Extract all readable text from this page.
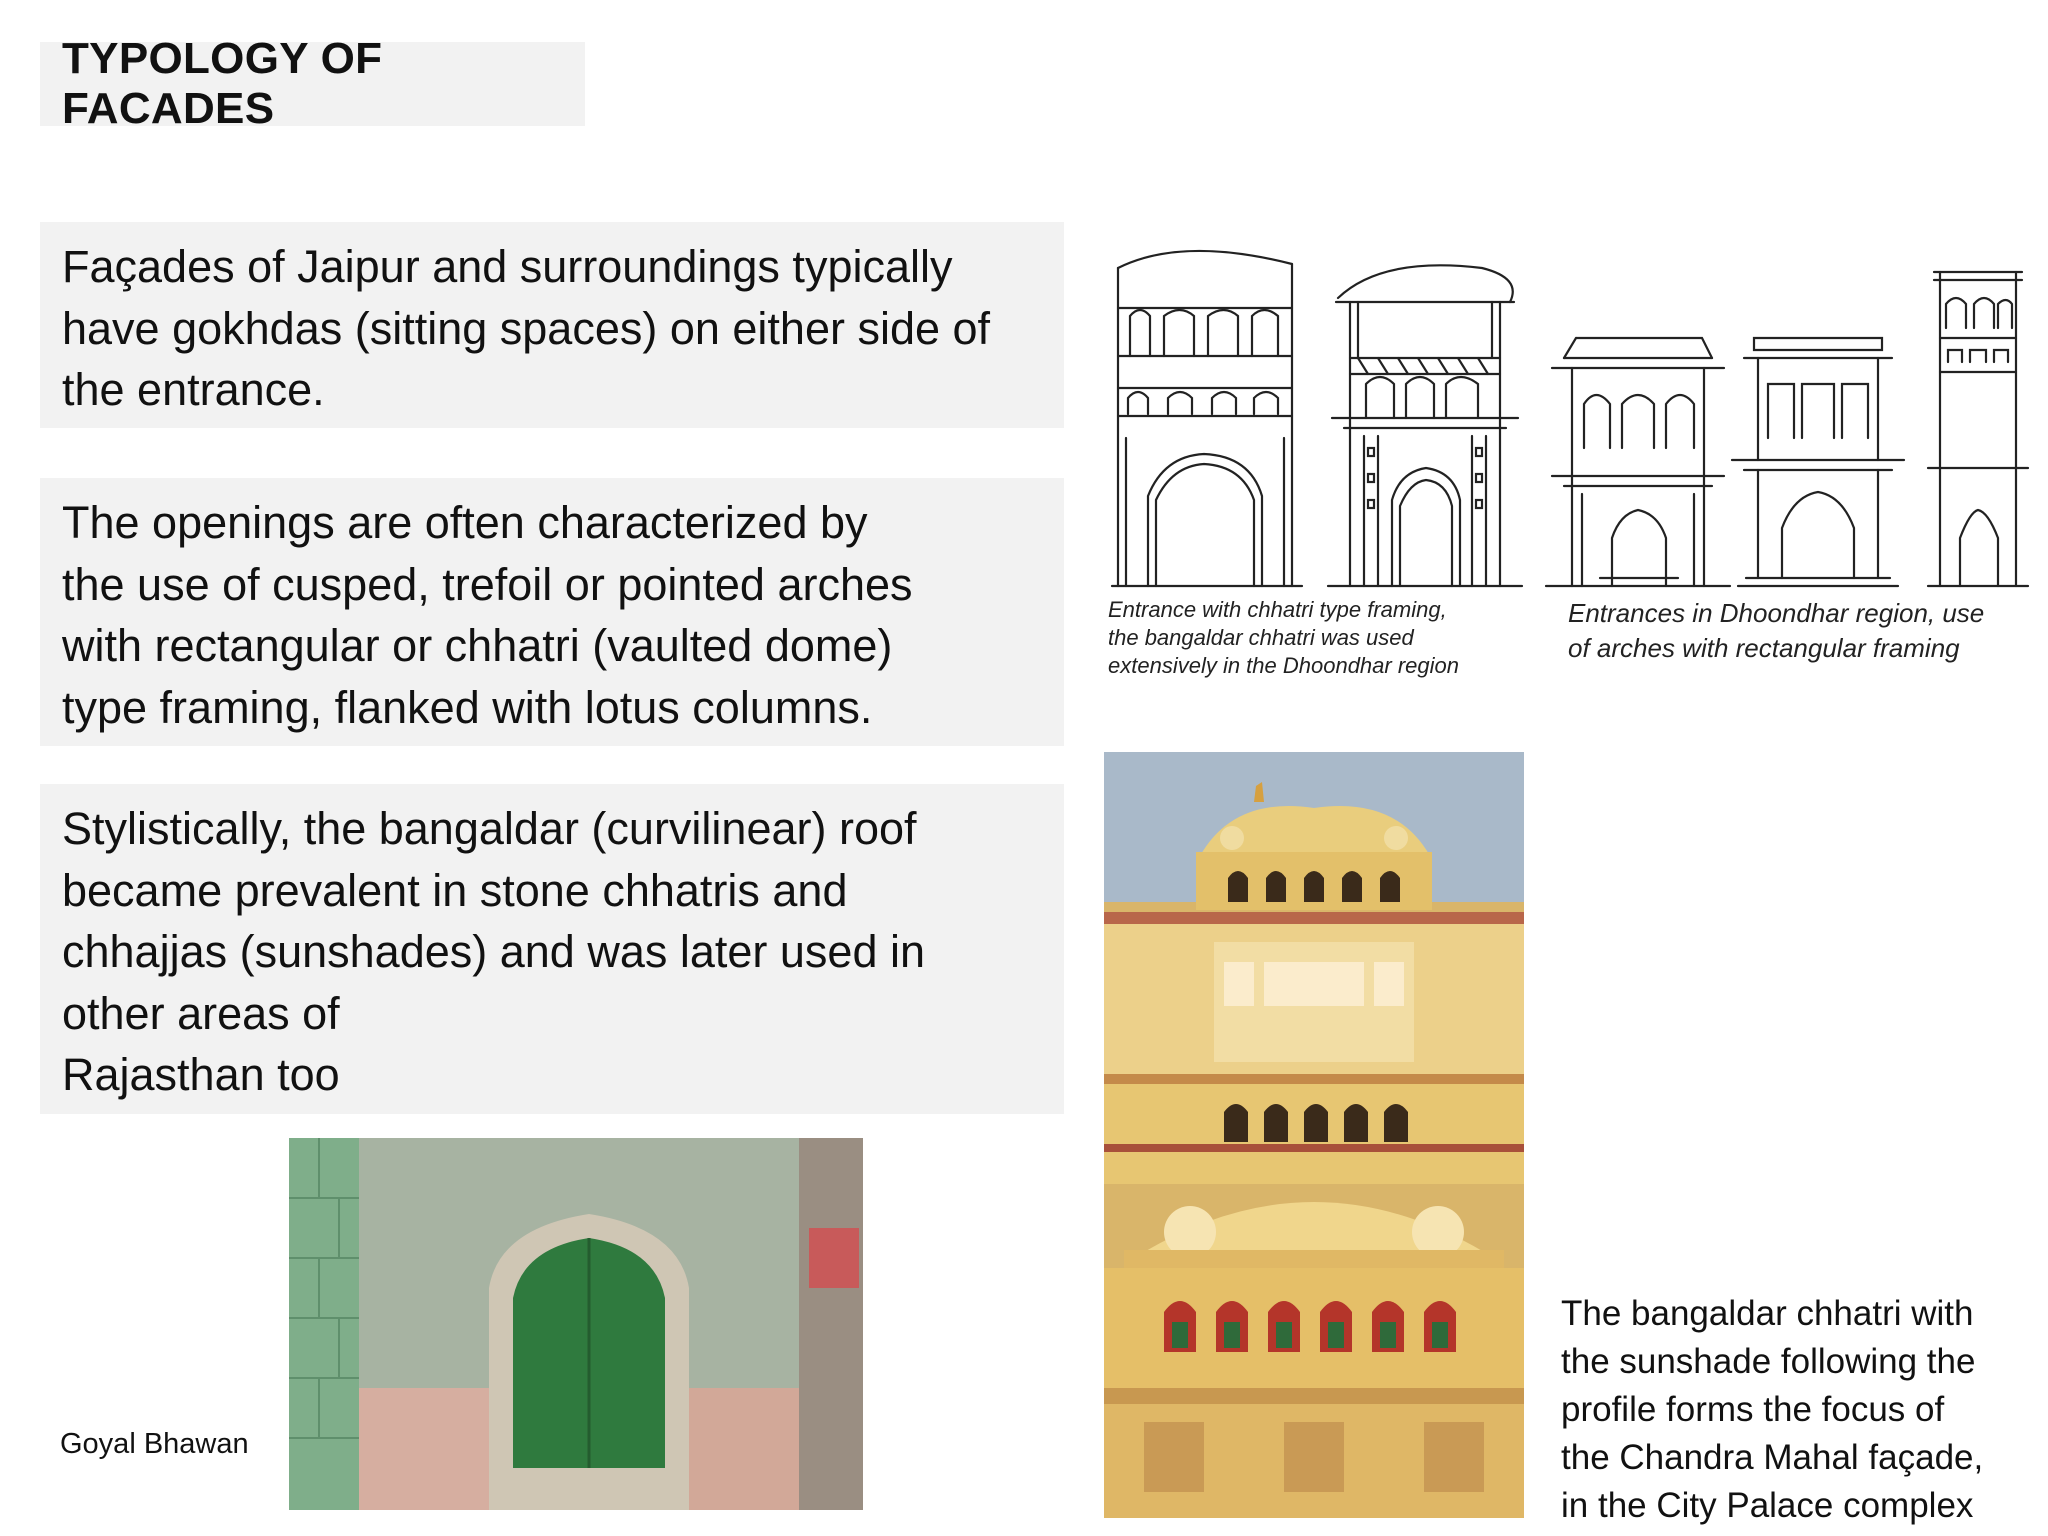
TYPOLOGY OF FACADES

Façades of Jaipur and surroundings typically
have gokhdas (sitting spaces) on either side of
the entrance.

The openings are often characterized by
the use of cusped, trefoil or pointed arches
with rectangular or chhatri (vaulted dome)
type framing, flanked with lotus columns.

Stylistically, the bangaldar (curvilinear) roof
became prevalent in stone chhatris and
chhajjas (sunshades) and was later used in
other areas of
Rajasthan too

Entrance with chhatri type framing,
the bangaldar chhatri was used
extensively in the Dhoondhar region
Entrances in Dhoondhar region, use
of arches with rectangular framing
Goyal Bhawan
The bangaldar chhatri with
the sunshade following the
profile forms the focus of
the Chandra Mahal façade,
in the City Palace complex
